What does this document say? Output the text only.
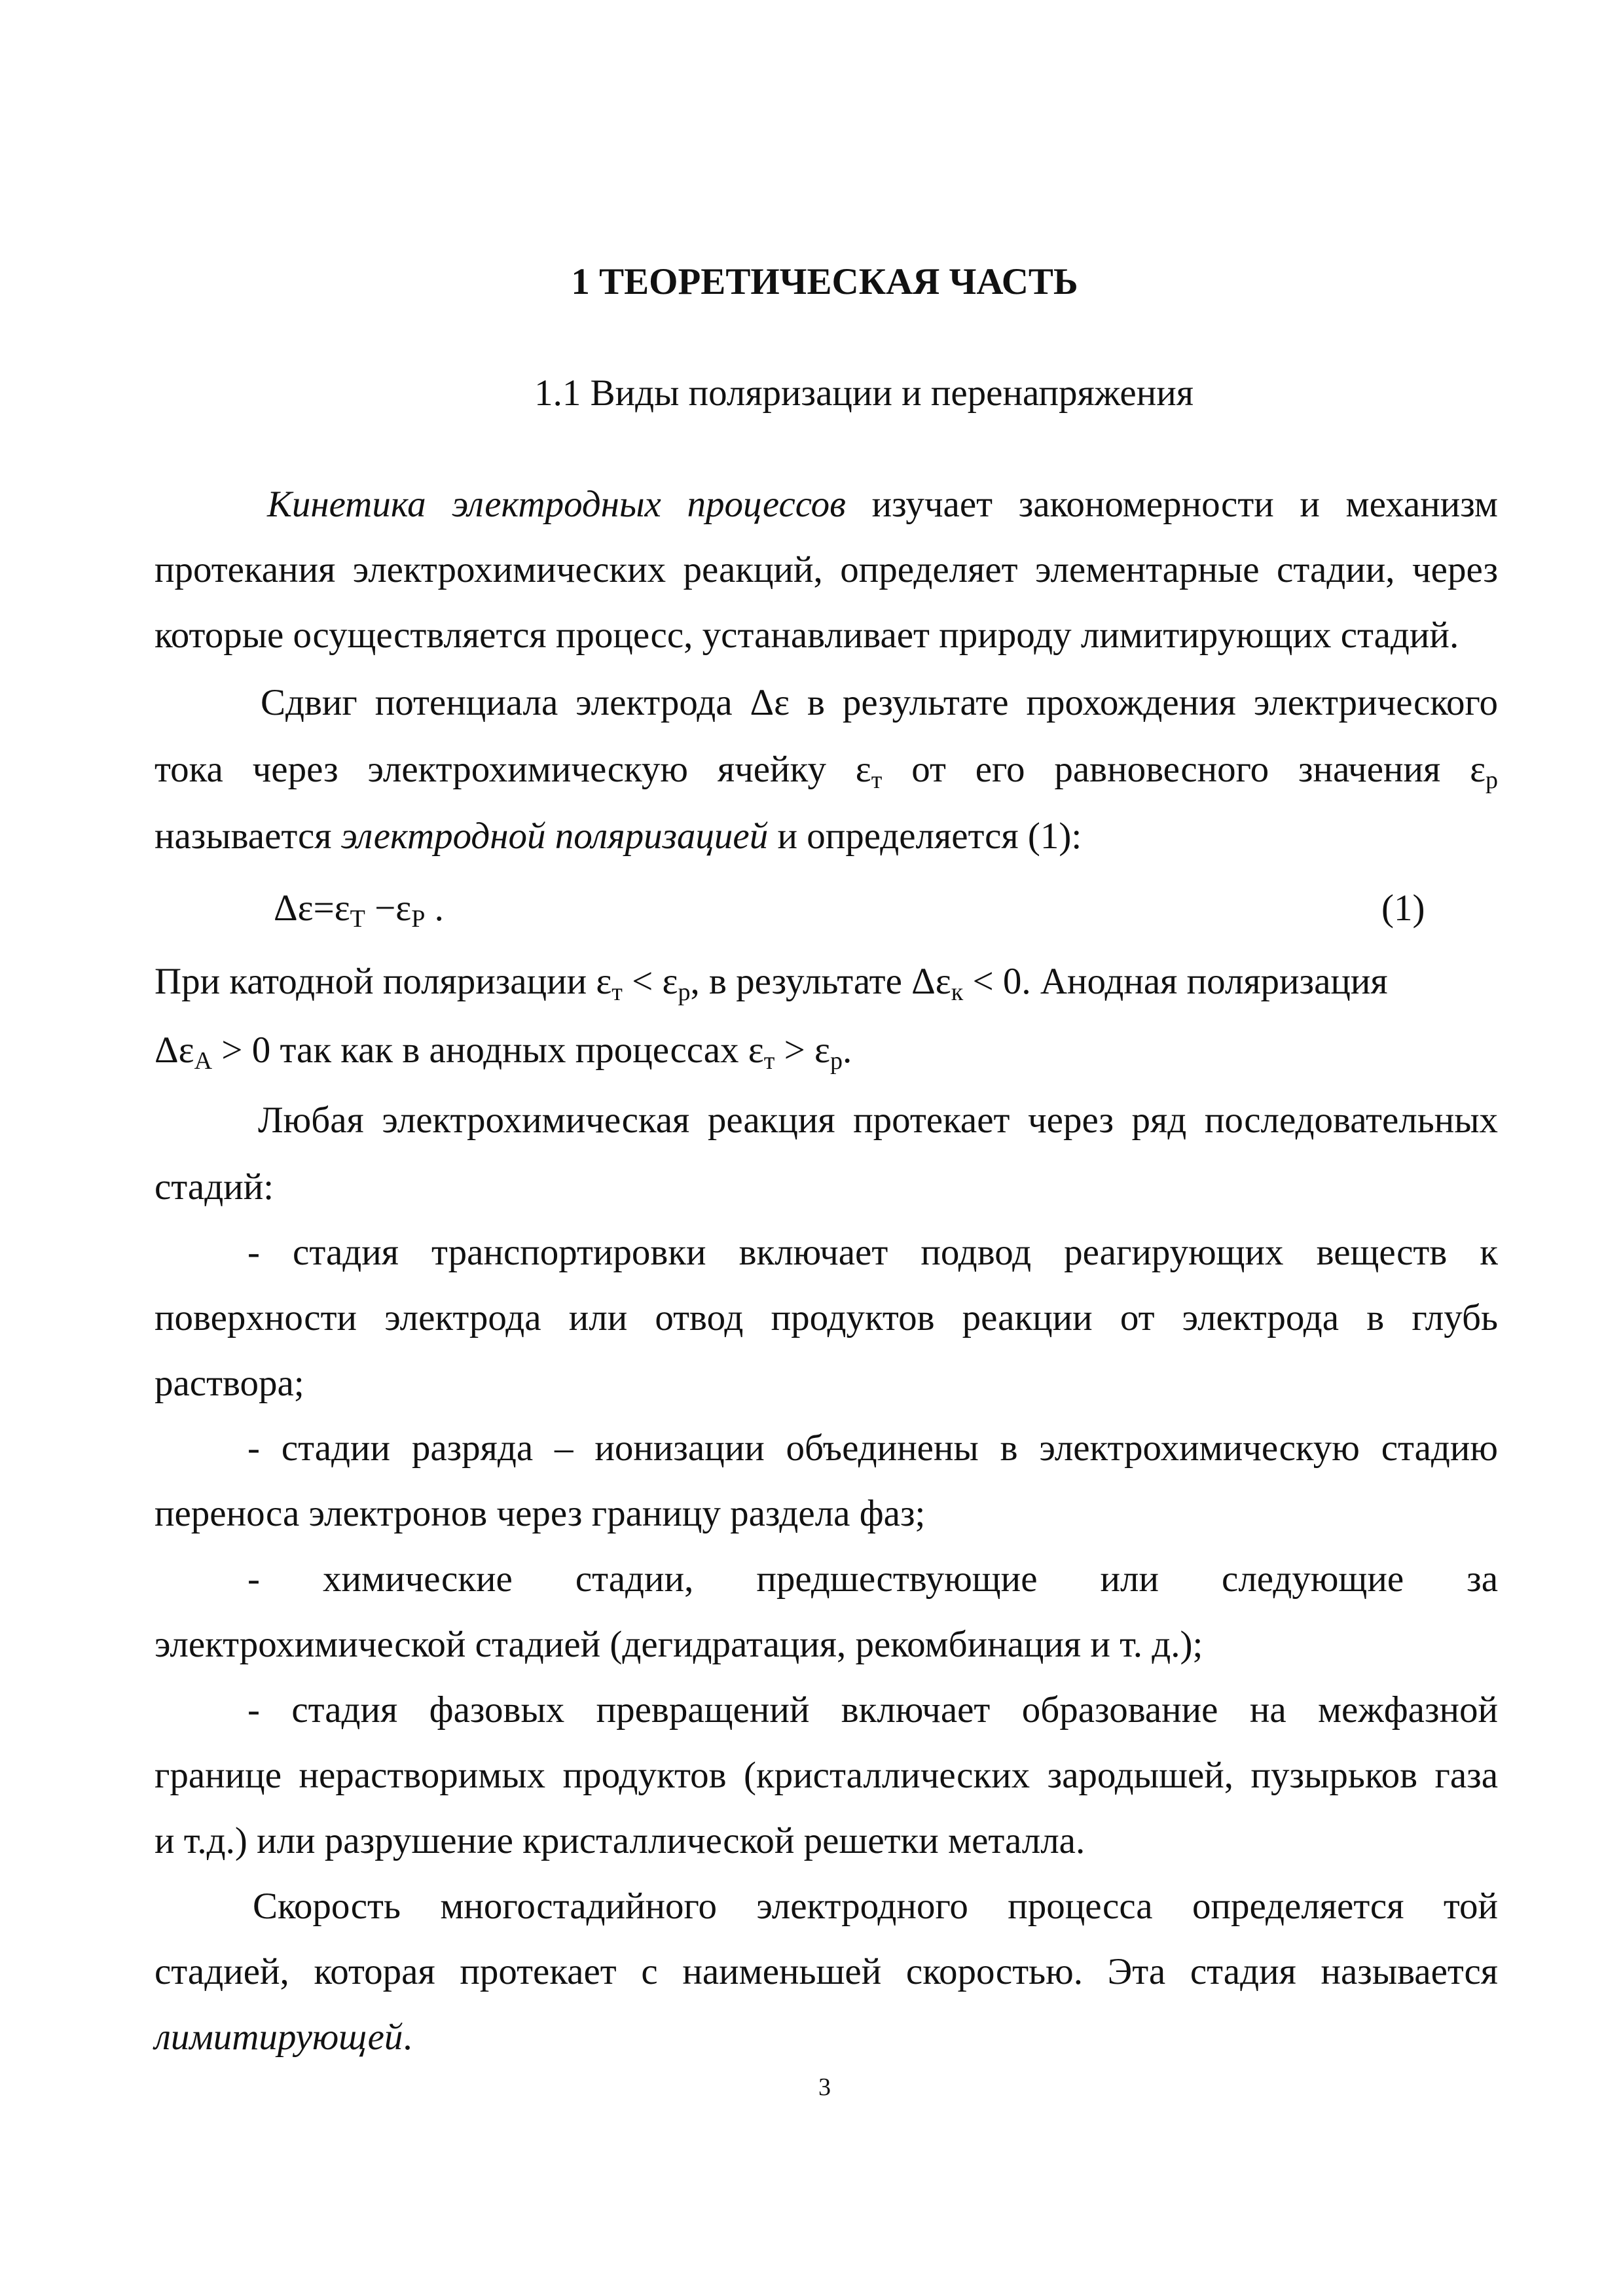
1 ТЕОРЕТИЧЕСКАЯ ЧАСТЬ
1.1 Виды поляризации и перенапряжения
Кинетика электродных процессов изучает закономерности и механизм
протекания электрохимических реакций, определяет элементарные стадии, через
которые осуществляется процесс, устанавливает природу лимитирующих стадий.
Сдвиг потенциала электрода Δε в результате прохождения электрического
тока через электрохимическую ячейку $\varepsilon_т$ от его равновесного значения $\varepsilon_р$
называется электродной поляризацией и определяется (1):
$\Delta\varepsilon=\varepsilon_T -\varepsilon_P$ .	(1)
При катодной поляризации $\varepsilon_т < \varepsilon_р$, в результате $\Delta\varepsilon_к < 0$. Анодная поляризация
$\Delta\varepsilon_А > 0$ так как в анодных процессах $\varepsilon_т > \varepsilon_р$.
Любая электрохимическая реакция протекает через ряд последовательных
стадий:
- стадия транспортировки включает подвод реагирующих веществ к
поверхности электрода или отвод продуктов реакции от электрода в глубь
раствора;
- стадии разряда – ионизации объединены в электрохимическую стадию
переноса электронов через границу раздела фаз;
- химические стадии, предшествующие или следующие за
электрохимической стадией (дегидратация, рекомбинация и т. д.);
- стадия фазовых превращений включает образование на межфазной
границе нерастворимых продуктов (кристаллических зародышей, пузырьков газа
и т.д.) или разрушение кристаллической решетки металла.
Скорость многостадийного электродного процесса определяется той
стадией, которая протекает с наименьшей скоростью. Эта стадия называется
лимитирующей.
3
